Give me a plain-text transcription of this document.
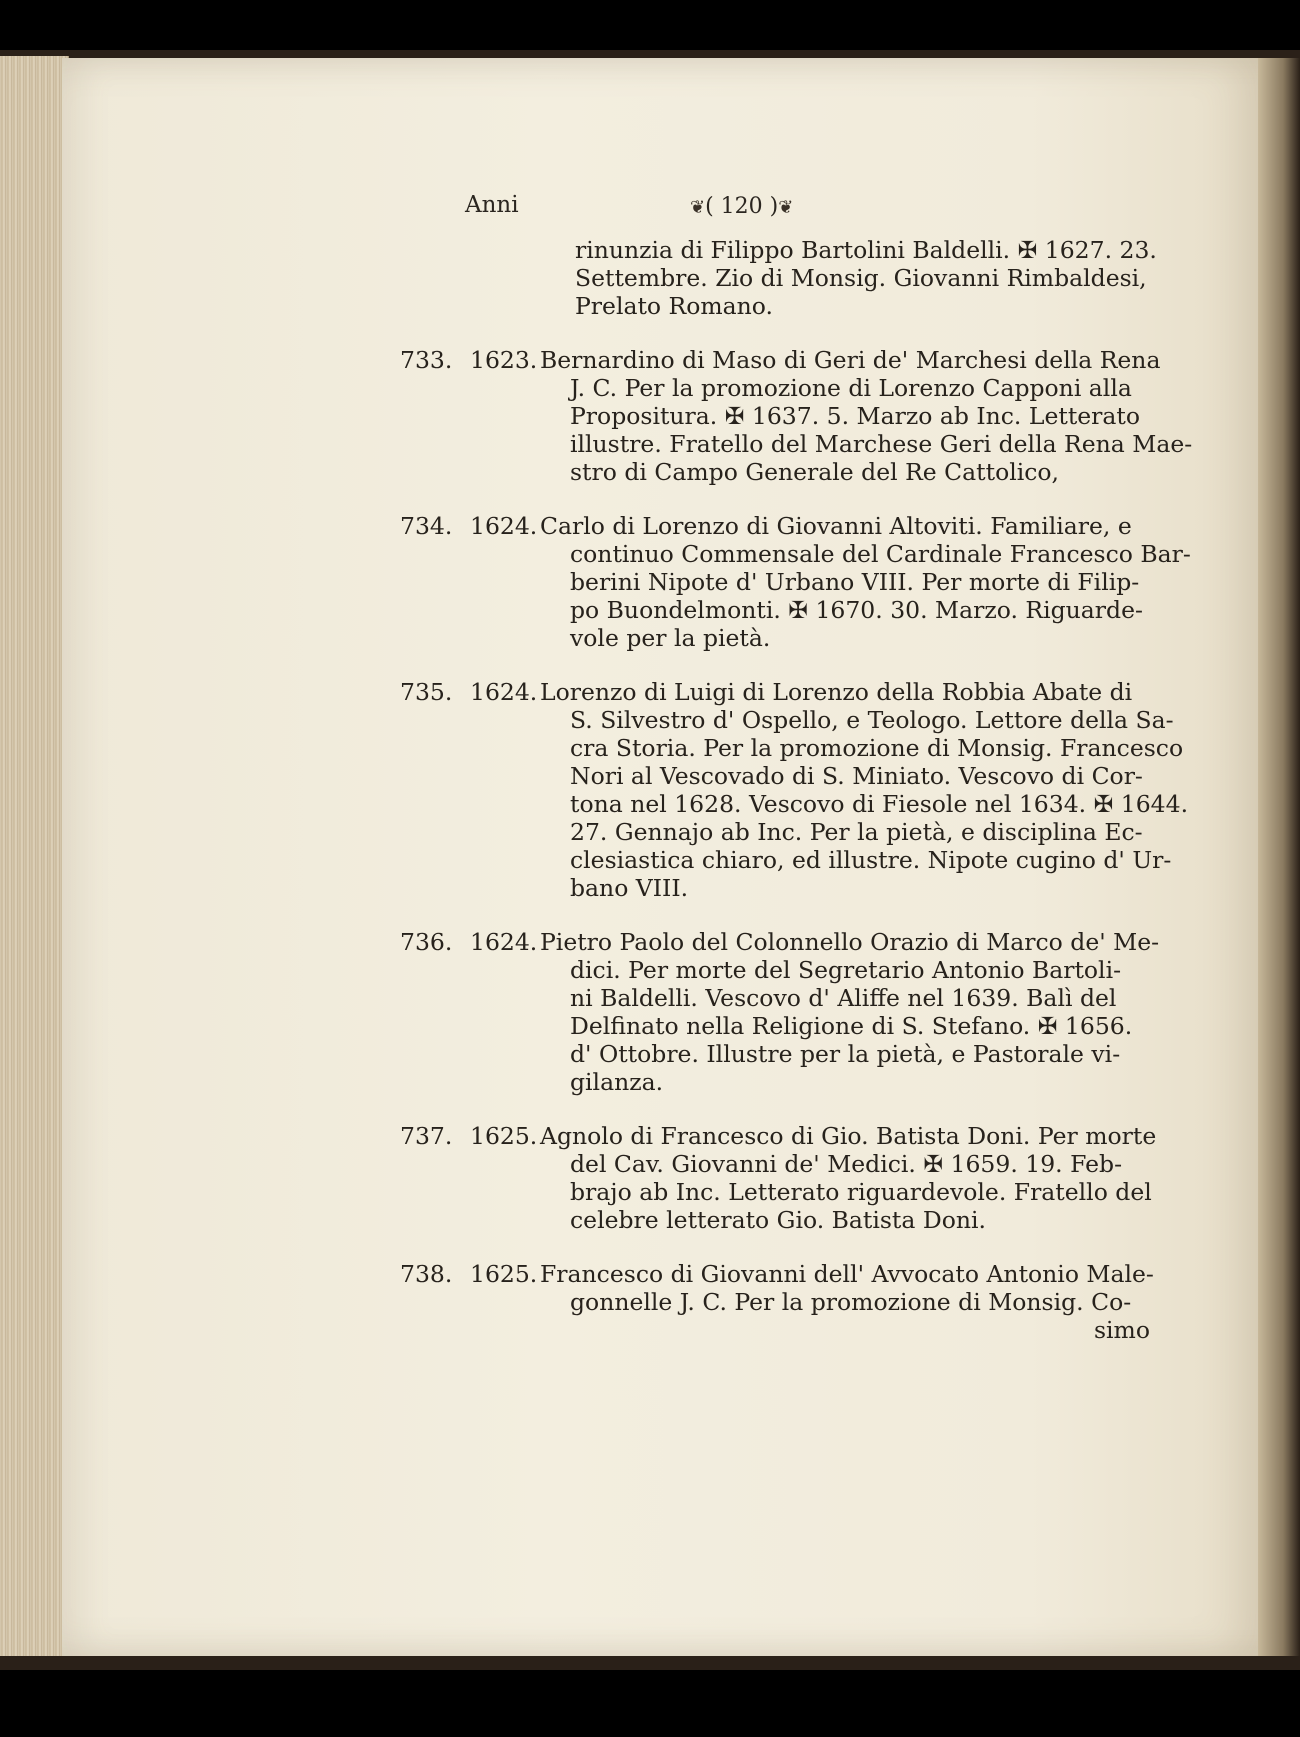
Anni	❦( 120 )❦
rinunzia di Filippo Bartolini Baldelli. ✠ 1627. 23.
Settembre. Zio di Monsig. Giovanni Rimbaldesi,
Prelato Romano.
733. 1623. Bernardino di Maso di Geri de' Marchesi della Rena
J. C. Per la promozione di Lorenzo Capponi alla
Propositura. ✠ 1637. 5. Marzo ab Inc. Letterato
illustre. Fratello del Marchese Geri della Rena Mae-
stro di Campo Generale del Re Cattolico,
734. 1624. Carlo di Lorenzo di Giovanni Altoviti. Familiare, e
continuo Commensale del Cardinale Francesco Bar-
berini Nipote d' Urbano VIII. Per morte di Filip-
po Buondelmonti. ✠ 1670. 30. Marzo. Riguarde-
vole per la pietà.
735. 1624. Lorenzo di Luigi di Lorenzo della Robbia Abate di
S. Silvestro d' Ospello, e Teologo. Lettore della Sa-
cra Storia. Per la promozione di Monsig. Francesco
Nori al Vescovado di S. Miniato. Vescovo di Cor-
tona nel 1628. Vescovo di Fiesole nel 1634. ✠ 1644.
27. Gennajo ab Inc. Per la pietà, e disciplina Ec-
clesiastica chiaro, ed illustre. Nipote cugino d' Ur-
bano VIII.
736. 1624. Pietro Paolo del Colonnello Orazio di Marco de' Me-
dici. Per morte del Segretario Antonio Bartoli-
ni Baldelli. Vescovo d' Aliffe nel 1639. Balì del
Delfinato nella Religione di S. Stefano. ✠ 1656.
d' Ottobre. Illustre per la pietà, e Pastorale vi-
gilanza.
737. 1625. Agnolo di Francesco di Gio. Batista Doni. Per morte
del Cav. Giovanni de' Medici. ✠ 1659. 19. Feb-
brajo ab Inc. Letterato riguardevole. Fratello del
celebre letterato Gio. Batista Doni.
738. 1625. Francesco di Giovanni dell' Avvocato Antonio Male-
gonnelle J. C. Per la promozione di Monsig. Co-
simo
